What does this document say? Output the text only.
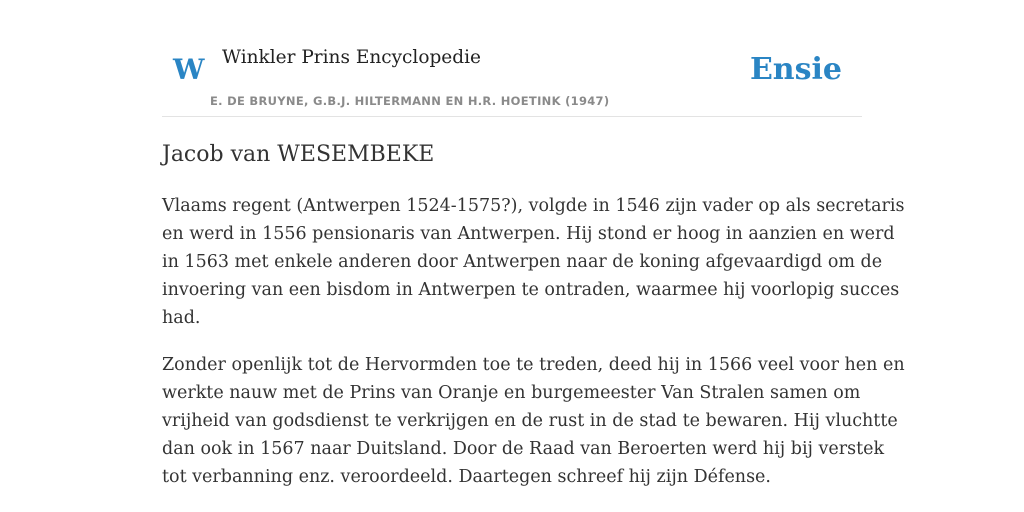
W Winkler Prins Encyclopedie
E. DE BRUYNE, G.B.J. HILTERMANN EN H.R. HOETINK (1947)
Ensie
Jacob van WESEMBEKE

Vlaams regent (Antwerpen 1524-1575?), volgde in 1546 zijn vader op als secretaris
en werd in 1556 pensionaris van Antwerpen. Hij stond er hoog in aanzien en werd
in 1563 met enkele anderen door Antwerpen naar de koning afgevaardigd om de
invoering van een bisdom in Antwerpen te ontraden, waarmee hij voorlopig succes
had.

Zonder openlijk tot de Hervormden toe te treden, deed hij in 1566 veel voor hen en
werkte nauw met de Prins van Oranje en burgemeester Van Stralen samen om
vrijheid van godsdienst te verkrijgen en de rust in de stad te bewaren. Hij vluchtte
dan ook in 1567 naar Duitsland. Door de Raad van Beroerten werd hij bij verstek
tot verbanning enz. veroordeeld. Daartegen schreef hij zijn Défense.
